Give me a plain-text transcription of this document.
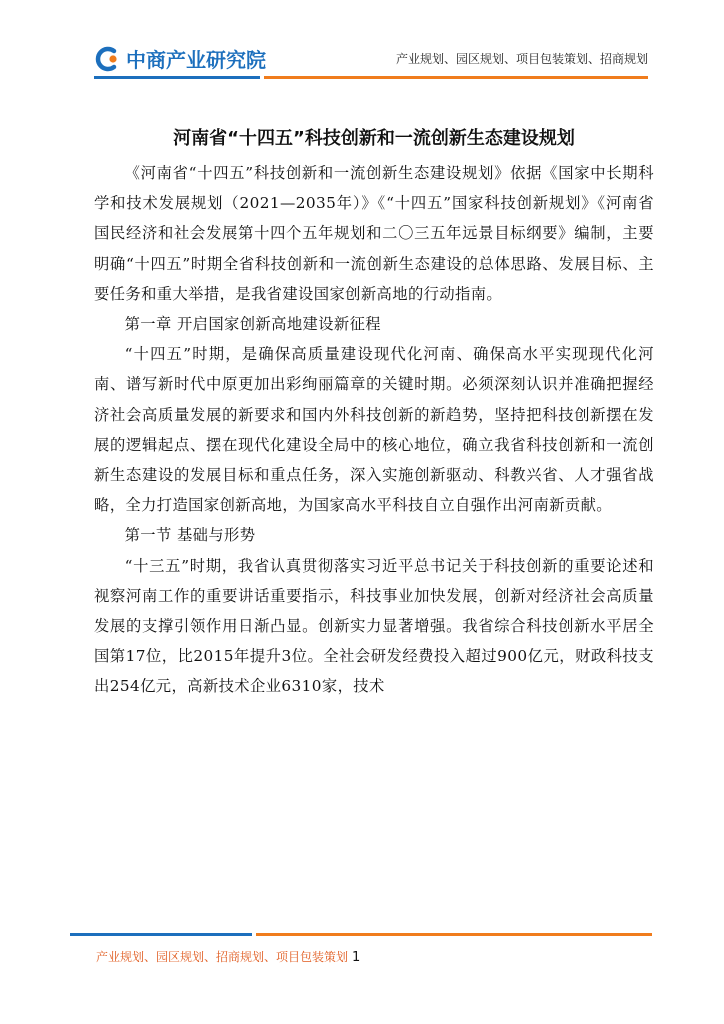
中商产业研究院	产业规划、园区规划、项目包装策划、招商规划
河南省“十四五”科技创新和一流创新生态建设规划

《河南省“十四五”科技创新和一流创新生态建设规划》依据《国家中长期科学和技术发展规划（2021—2035年）》《“十四五”国家科技创新规划》《河南省国民经济和社会发展第十四个五年规划和二〇三五年远景目标纲要》编制，主要明确“十四五”时期全省科技创新和一流创新生态建设的总体思路、发展目标、主要任务和重大举措，是我省建设国家创新高地的行动指南。

第一章 开启国家创新高地建设新征程

“十四五”时期，是确保高质量建设现代化河南、确保高水平实现现代化河南、谱写新时代中原更加出彩绚丽篇章的关键时期。必须深刻认识并准确把握经济社会高质量发展的新要求和国内外科技创新的新趋势，坚持把科技创新摆在发展的逻辑起点、摆在现代化建设全局中的核心地位，确立我省科技创新和一流创新生态建设的发展目标和重点任务，深入实施创新驱动、科教兴省、人才强省战略，全力打造国家创新高地，为国家高水平科技自立自强作出河南新贡献。

第一节 基础与形势

“十三五”时期，我省认真贯彻落实习近平总书记关于科技创新的重要论述和视察河南工作的重要讲话重要指示，科技事业加快发展，创新对经济社会高质量发展的支撑引领作用日渐凸显。创新实力显著增强。我省综合科技创新水平居全国第17位，比2015年提升3位。全社会研发经费投入超过900亿元，财政科技支出254亿元，高新技术企业6310家，技术

产业规划、园区规划、招商规划、项目包装策划 1
